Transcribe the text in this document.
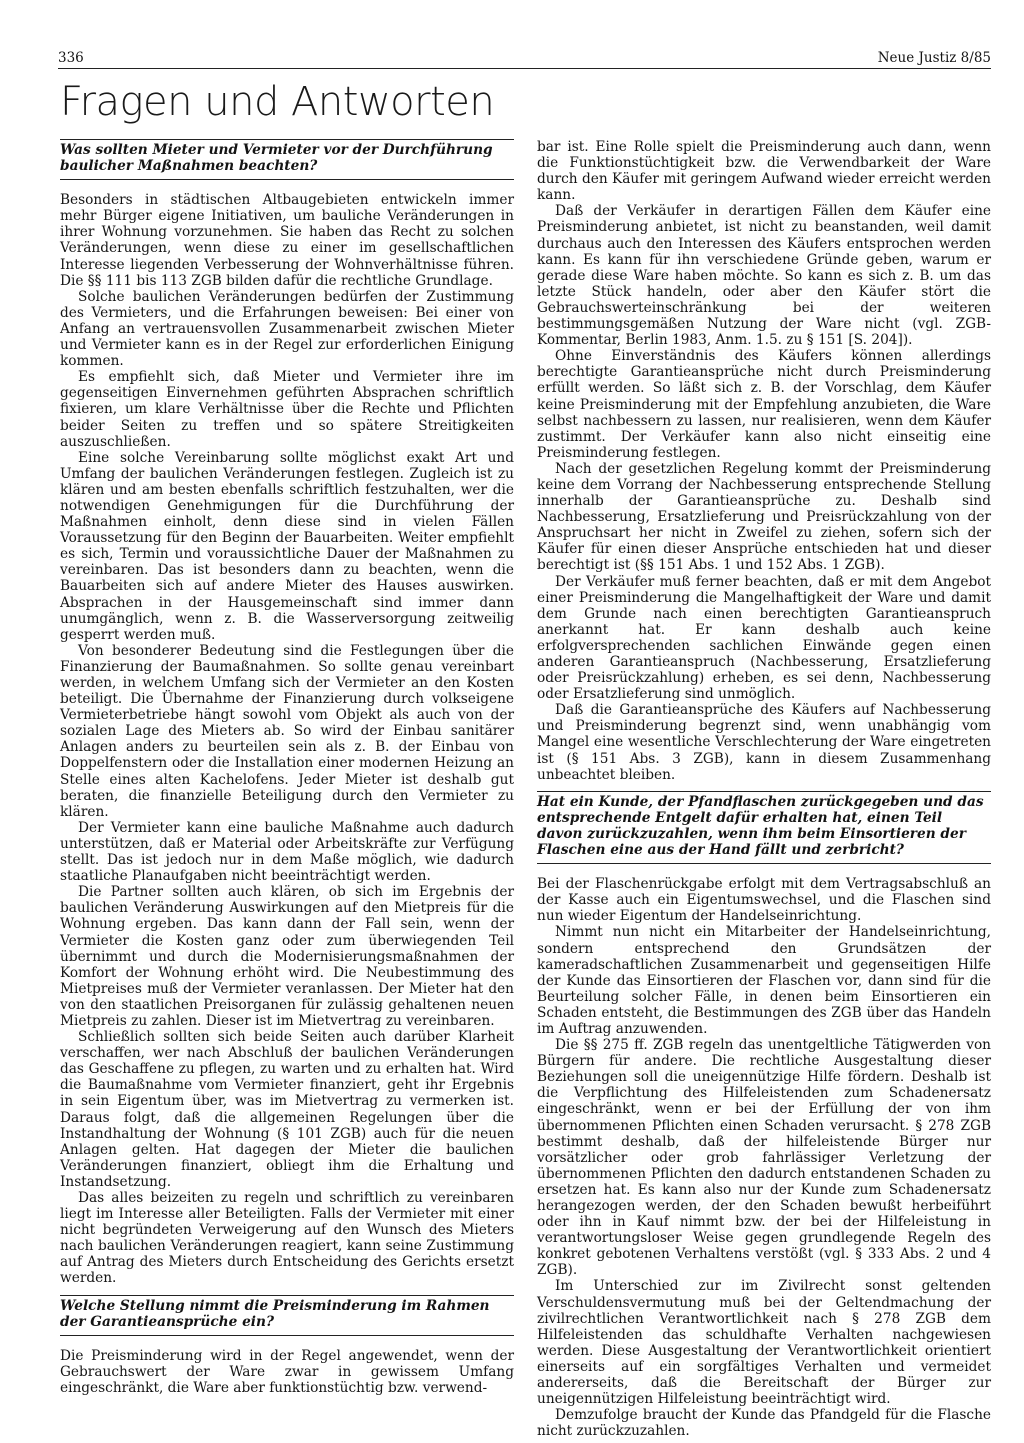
336	Neue Justiz 8/85
Fragen und Antworten
Was sollten Mieter und Vermieter vor der Durchführung baulicher Maßnahmen beachten?

Besonders in städtischen Altbaugebieten entwickeln immer mehr Bürger eigene Initiativen, um bauliche Veränderungen in ihrer Wohnung vorzunehmen. Sie haben das Recht zu solchen Veränderungen, wenn diese zu einer im gesellschaftlichen Interesse liegenden Verbesserung der Wohnverhältnisse führen. Die §§ 111 bis 113 ZGB bilden dafür die rechtliche Grundlage.

Solche baulichen Veränderungen bedürfen der Zustimmung des Vermieters, und die Erfahrungen beweisen: Bei einer von Anfang an vertrauensvollen Zusammenarbeit zwischen Mieter und Vermieter kann es in der Regel zur erforderlichen Einigung kommen.

Es empfiehlt sich, daß Mieter und Vermieter ihre im gegenseitigen Einvernehmen geführten Absprachen schriftlich fixieren, um klare Verhältnisse über die Rechte und Pflichten beider Seiten zu treffen und so spätere Streitigkeiten auszuschließen.

Eine solche Vereinbarung sollte möglichst exakt Art und Umfang der baulichen Veränderungen festlegen. Zugleich ist zu klären und am besten ebenfalls schriftlich festzuhalten, wer die notwendigen Genehmigungen für die Durchführung der Maßnahmen einholt, denn diese sind in vielen Fällen Voraussetzung für den Beginn der Bauarbeiten. Weiter empfiehlt es sich, Termin und voraussichtliche Dauer der Maßnahmen zu vereinbaren. Das ist besonders dann zu beachten, wenn die Bauarbeiten sich auf andere Mieter des Hauses auswirken. Absprachen in der Hausgemeinschaft sind immer dann unumgänglich, wenn z. B. die Wasserversorgung zeitweilig gesperrt werden muß.

Von besonderer Bedeutung sind die Festlegungen über die Finanzierung der Baumaßnahmen. So sollte genau vereinbart werden, in welchem Umfang sich der Vermieter an den Kosten beteiligt. Die Übernahme der Finanzierung durch volkseigene Vermieterbetriebe hängt sowohl vom Objekt als auch von der sozialen Lage des Mieters ab. So wird der Einbau sanitärer Anlagen anders zu beurteilen sein als z. B. der Einbau von Doppelfenstern oder die Installation einer modernen Heizung an Stelle eines alten Kachelofens. Jeder Mieter ist deshalb gut beraten, die finanzielle Beteiligung durch den Vermieter zu klären.

Der Vermieter kann eine bauliche Maßnahme auch dadurch unterstützen, daß er Material oder Arbeitskräfte zur Verfügung stellt. Das ist jedoch nur in dem Maße möglich, wie dadurch staatliche Planaufgaben nicht beeinträchtigt werden.

Die Partner sollten auch klären, ob sich im Ergebnis der baulichen Veränderung Auswirkungen auf den Mietpreis für die Wohnung ergeben. Das kann dann der Fall sein, wenn der Vermieter die Kosten ganz oder zum überwiegenden Teil übernimmt und durch die Modernisierungsmaßnahmen der Komfort der Wohnung erhöht wird. Die Neubestimmung des Mietpreises muß der Vermieter veranlassen. Der Mieter hat den von den staatlichen Preisorganen für zulässig gehaltenen neuen Mietpreis zu zahlen. Dieser ist im Mietvertrag zu vereinbaren.

Schließlich sollten sich beide Seiten auch darüber Klarheit verschaffen, wer nach Abschluß der baulichen Veränderungen das Geschaffene zu pflegen, zu warten und zu erhalten hat. Wird die Baumaßnahme vom Vermieter finanziert, geht ihr Ergebnis in sein Eigentum über, was im Mietvertrag zu vermerken ist. Daraus folgt, daß die allgemeinen Regelungen über die Instandhaltung der Wohnung (§ 101 ZGB) auch für die neuen Anlagen gelten. Hat dagegen der Mieter die baulichen Veränderungen finanziert, obliegt ihm die Erhaltung und Instandsetzung.

Das alles beizeiten zu regeln und schriftlich zu vereinbaren liegt im Interesse aller Beteiligten. Falls der Vermieter mit einer nicht begründeten Verweigerung auf den Wunsch des Mieters nach baulichen Veränderungen reagiert, kann seine Zustimmung auf Antrag des Mieters durch Entscheidung des Gerichts ersetzt werden.

Welche Stellung nimmt die Preisminderung im Rahmen der Garantieansprüche ein?

Die Preisminderung wird in der Regel angewendet, wenn der Gebrauchswert der Ware zwar in gewissem Umfang eingeschränkt, die Ware aber funktionstüchtig bzw. verwend-

bar ist. Eine Rolle spielt die Preisminderung auch dann, wenn die Funktionstüchtigkeit bzw. die Verwendbarkeit der Ware durch den Käufer mit geringem Aufwand wieder erreicht werden kann.

Daß der Verkäufer in derartigen Fällen dem Käufer eine Preisminderung anbietet, ist nicht zu beanstanden, weil damit durchaus auch den Interessen des Käufers entsprochen werden kann. Es kann für ihn verschiedene Gründe geben, warum er gerade diese Ware haben möchte. So kann es sich z. B. um das letzte Stück handeln, oder aber den Käufer stört die Gebrauchswerteinschränkung bei der weiteren bestimmungsgemäßen Nutzung der Ware nicht (vgl. ZGB-Kommentar, Berlin 1983, Anm. 1.5. zu § 151 [S. 204]).

Ohne Einverständnis des Käufers können allerdings berechtigte Garantieansprüche nicht durch Preisminderung erfüllt werden. So läßt sich z. B. der Vorschlag, dem Käufer keine Preisminderung mit der Empfehlung anzubieten, die Ware selbst nachbessern zu lassen, nur realisieren, wenn dem Käufer zustimmt. Der Verkäufer kann also nicht einseitig eine Preisminderung festlegen.

Nach der gesetzlichen Regelung kommt der Preisminderung keine dem Vorrang der Nachbesserung entsprechende Stellung innerhalb der Garantieansprüche zu. Deshalb sind Nachbesserung, Ersatzlieferung und Preisrückzahlung von der Anspruchsart her nicht in Zweifel zu ziehen, sofern sich der Käufer für einen dieser Ansprüche entschieden hat und dieser berechtigt ist (§§ 151 Abs. 1 und 152 Abs. 1 ZGB).

Der Verkäufer muß ferner beachten, daß er mit dem Angebot einer Preisminderung die Mangelhaftigkeit der Ware und damit dem Grunde nach einen berechtigten Garantieanspruch anerkannt hat. Er kann deshalb auch keine erfolgversprechenden sachlichen Einwände gegen einen anderen Garantieanspruch (Nachbesserung, Ersatzlieferung oder Preisrückzahlung) erheben, es sei denn, Nachbesserung oder Ersatzlieferung sind unmöglich.

Daß die Garantieansprüche des Käufers auf Nachbesserung und Preisminderung begrenzt sind, wenn unabhängig vom Mangel eine wesentliche Verschlechterung der Ware eingetreten ist (§ 151 Abs. 3 ZGB), kann in diesem Zusammenhang unbeachtet bleiben.

Hat ein Kunde, der Pfandflaschen zurückgegeben und das entsprechende Entgelt dafür erhalten hat, einen Teil davon zurückzuzahlen, wenn ihm beim Einsortieren der Flaschen eine aus der Hand fällt und zerbricht?

Bei der Flaschenrückgabe erfolgt mit dem Vertragsabschluß an der Kasse auch ein Eigentumswechsel, und die Flaschen sind nun wieder Eigentum der Handelseinrichtung.

Nimmt nun nicht ein Mitarbeiter der Handelseinrichtung, sondern entsprechend den Grundsätzen der kameradschaftlichen Zusammenarbeit und gegenseitigen Hilfe der Kunde das Einsortieren der Flaschen vor, dann sind für die Beurteilung solcher Fälle, in denen beim Einsortieren ein Schaden entsteht, die Bestimmungen des ZGB über das Handeln im Auftrag anzuwenden.

Die §§ 275 ff. ZGB regeln das unentgeltliche Tätigwerden von Bürgern für andere. Die rechtliche Ausgestaltung dieser Beziehungen soll die uneigennützige Hilfe fördern. Deshalb ist die Verpflichtung des Hilfeleistenden zum Schadenersatz eingeschränkt, wenn er bei der Erfüllung der von ihm übernommenen Pflichten einen Schaden verursacht. § 278 ZGB bestimmt deshalb, daß der hilfeleistende Bürger nur vorsätzlicher oder grob fahrlässiger Verletzung der übernommenen Pflichten den dadurch entstandenen Schaden zu ersetzen hat. Es kann also nur der Kunde zum Schadenersatz herangezogen werden, der den Schaden bewußt herbeiführt oder ihn in Kauf nimmt bzw. der bei der Hilfeleistung in verantwortungsloser Weise gegen grundlegende Regeln des konkret gebotenen Verhaltens verstößt (vgl. § 333 Abs. 2 und 4 ZGB).

Im Unterschied zur im Zivilrecht sonst geltenden Verschuldensvermutung muß bei der Geltendmachung der zivilrechtlichen Verantwortlichkeit nach § 278 ZGB dem Hilfeleistenden das schuldhafte Verhalten nachgewiesen werden. Diese Ausgestaltung der Verantwortlichkeit orientiert einerseits auf ein sorgfältiges Verhalten und vermeidet andererseits, daß die Bereitschaft der Bürger zur uneigennützigen Hilfeleistung beeinträchtigt wird.

Demzufolge braucht der Kunde das Pfandgeld für die Flasche nicht zurückzuzahlen.
